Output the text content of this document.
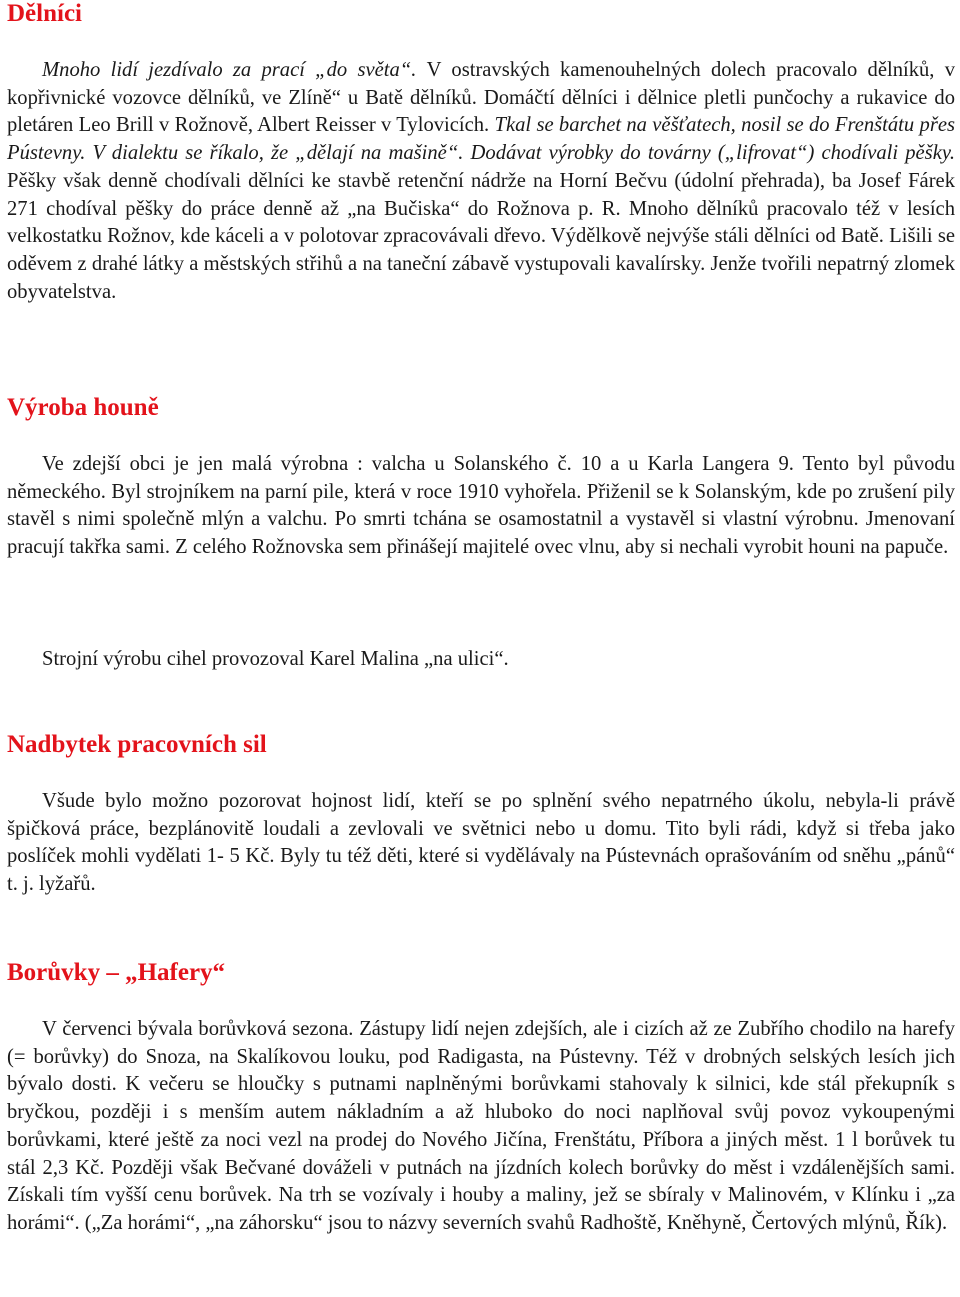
Dělníci

Mnoho lidí jezdívalo za prací „do světa“. V ostravských kamenouhelných dolech pracovalo dělníků, v kopřivnické vozovce dělníků, ve Zlíně“ u Batě dělníků. Domáčtí dělníci i dělnice pletli punčochy a rukavice do pletáren Leo Brill v Rožnově, Albert Reisser v Tylovicích. Tkal se barchet na věšťatech, nosil se do Frenštátu přes Pústevny. V dialektu se říkalo, že „dělají na mašině“. Dodávat výrobky do továrny („lifrovat“) chodívali pěšky. Pěšky však denně chodívali dělníci ke stavbě retenční nádrže na Horní Bečvu (údolní přehrada), ba Josef Fárek 271 chodíval pěšky do práce denně až „na Bučiska“ do Rožnova p. R. Mnoho dělníků pracovalo též v lesích velkostatku Rožnov, kde káceli a v polotovar zpracovávali dřevo. Výdělkově nejvýše stáli dělníci od Batě. Lišili se oděvem z drahé látky a městských střihů a na taneční zábavě vystupovali kavalírsky. Jenže tvořili nepatrný zlomek obyvatelstva.

Výroba houně

Ve zdejší obci je jen malá výrobna : valcha u Solanského č. 10 a u Karla Langera 9. Tento byl původu německého. Byl strojníkem na parní pile, která v roce 1910 vyhořela. Přiženil se k Solanským, kde po zrušení pily stavěl s nimi společně mlýn a valchu. Po smrti tchána se osamostatnil a vystavěl si vlastní výrobnu. Jmenovaní pracují takřka sami. Z celého Rožnovska sem přinášejí majitelé ovec vlnu, aby si nechali vyrobit houni na papuče.

Strojní výrobu cihel provozoval Karel Malina „na ulici“.

Nadbytek pracovních sil

Všude bylo možno pozorovat hojnost lidí, kteří se po splnění svého nepatrného úkolu, nebyla-li právě špičková práce, bezplánovitě loudali a zevlovali ve světnici nebo u domu. Tito byli rádi, když si třeba jako poslíček mohli vydělati 1- 5 Kč. Byly tu též děti, které si vydělávaly na Pústevnách oprašováním od sněhu „pánů“ t. j. lyžařů.

Borůvky – „Hafery“

V červenci bývala borůvková sezona. Zástupy lidí nejen zdejších, ale i cizích až ze Zubřího chodilo na harefy (= borůvky) do Snoza, na Skalíkovou louku, pod Radigasta, na Pústevny. Též v drobných selských lesích jich bývalo dosti. K večeru se hloučky s putnami naplněnými borůvkami stahovaly k silnici, kde stál překupník s bryčkou, později i s menším autem nákladním a až hluboko do noci naplňoval svůj povoz vykoupenými borůvkami, které ještě za noci vezl na prodej do Nového Jičína, Frenštátu, Příbora a jiných měst. 1 l borůvek tu stál 2,3 Kč. Později však Bečvané dováželi v putnách na jízdních kolech borůvky do měst i vzdálenějších sami. Získali tím vyšší cenu borůvek. Na trh se vozívaly i houby a maliny, jež se sbíraly v Malinovém, v Klínku i „za horámi“. („Za horámi“, „na záhorsku“ jsou to názvy severních svahů Radhoště, Kněhyně, Čertových mlýnů, Řík).
